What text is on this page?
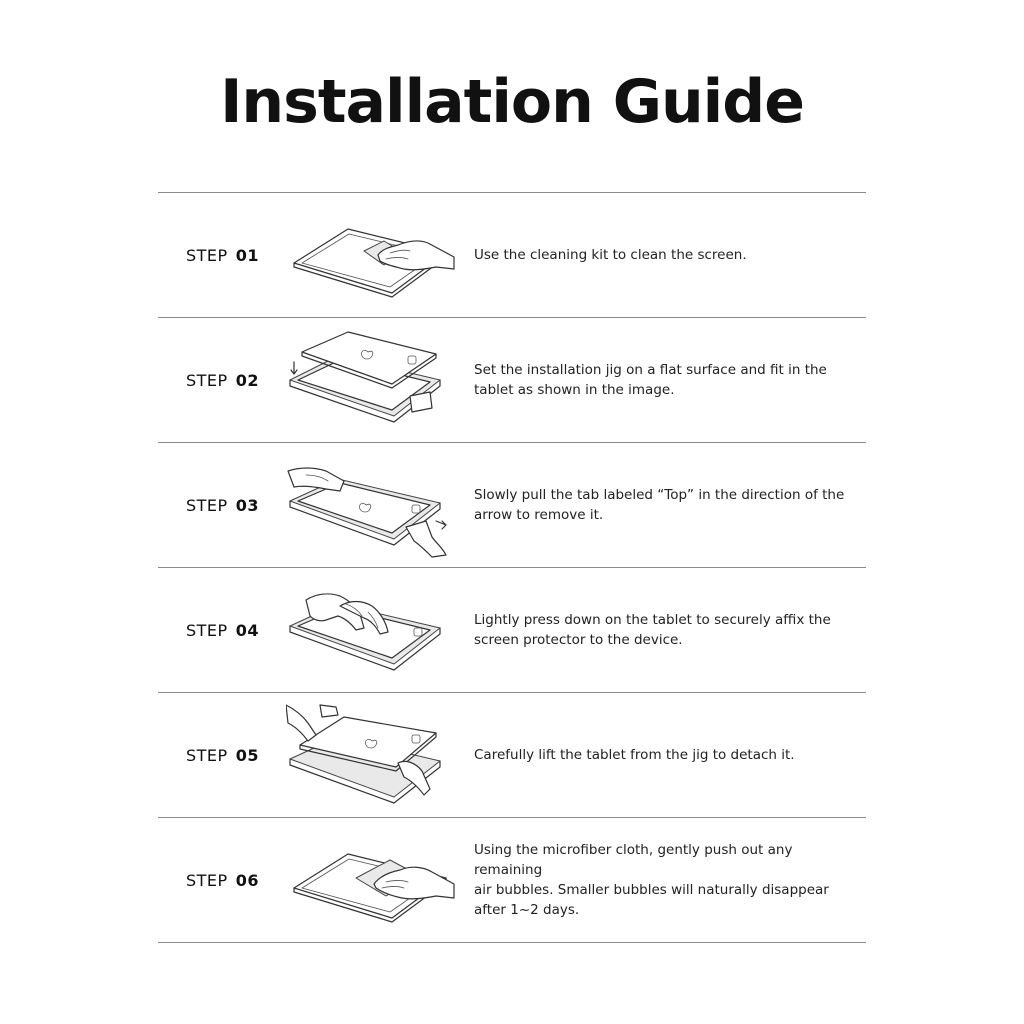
Installation Guide
STEP 01	Use the cleaning kit to clean the screen.
STEP 02
Set the installation jig on a flat surface and fit in the
tablet as shown in the image.
STEP 03
Slowly pull the tab labeled “Top” in the direction of the
arrow to remove it.
STEP 04
Lightly press down on the tablet to securely affix the
screen protector to the device.
STEP 05	Carefully lift the tablet from the jig to detach it.
STEP 06
Using the microfiber cloth, gently push out any remaining
air bubbles. Smaller bubbles will naturally disappear
after 1~2 days.
